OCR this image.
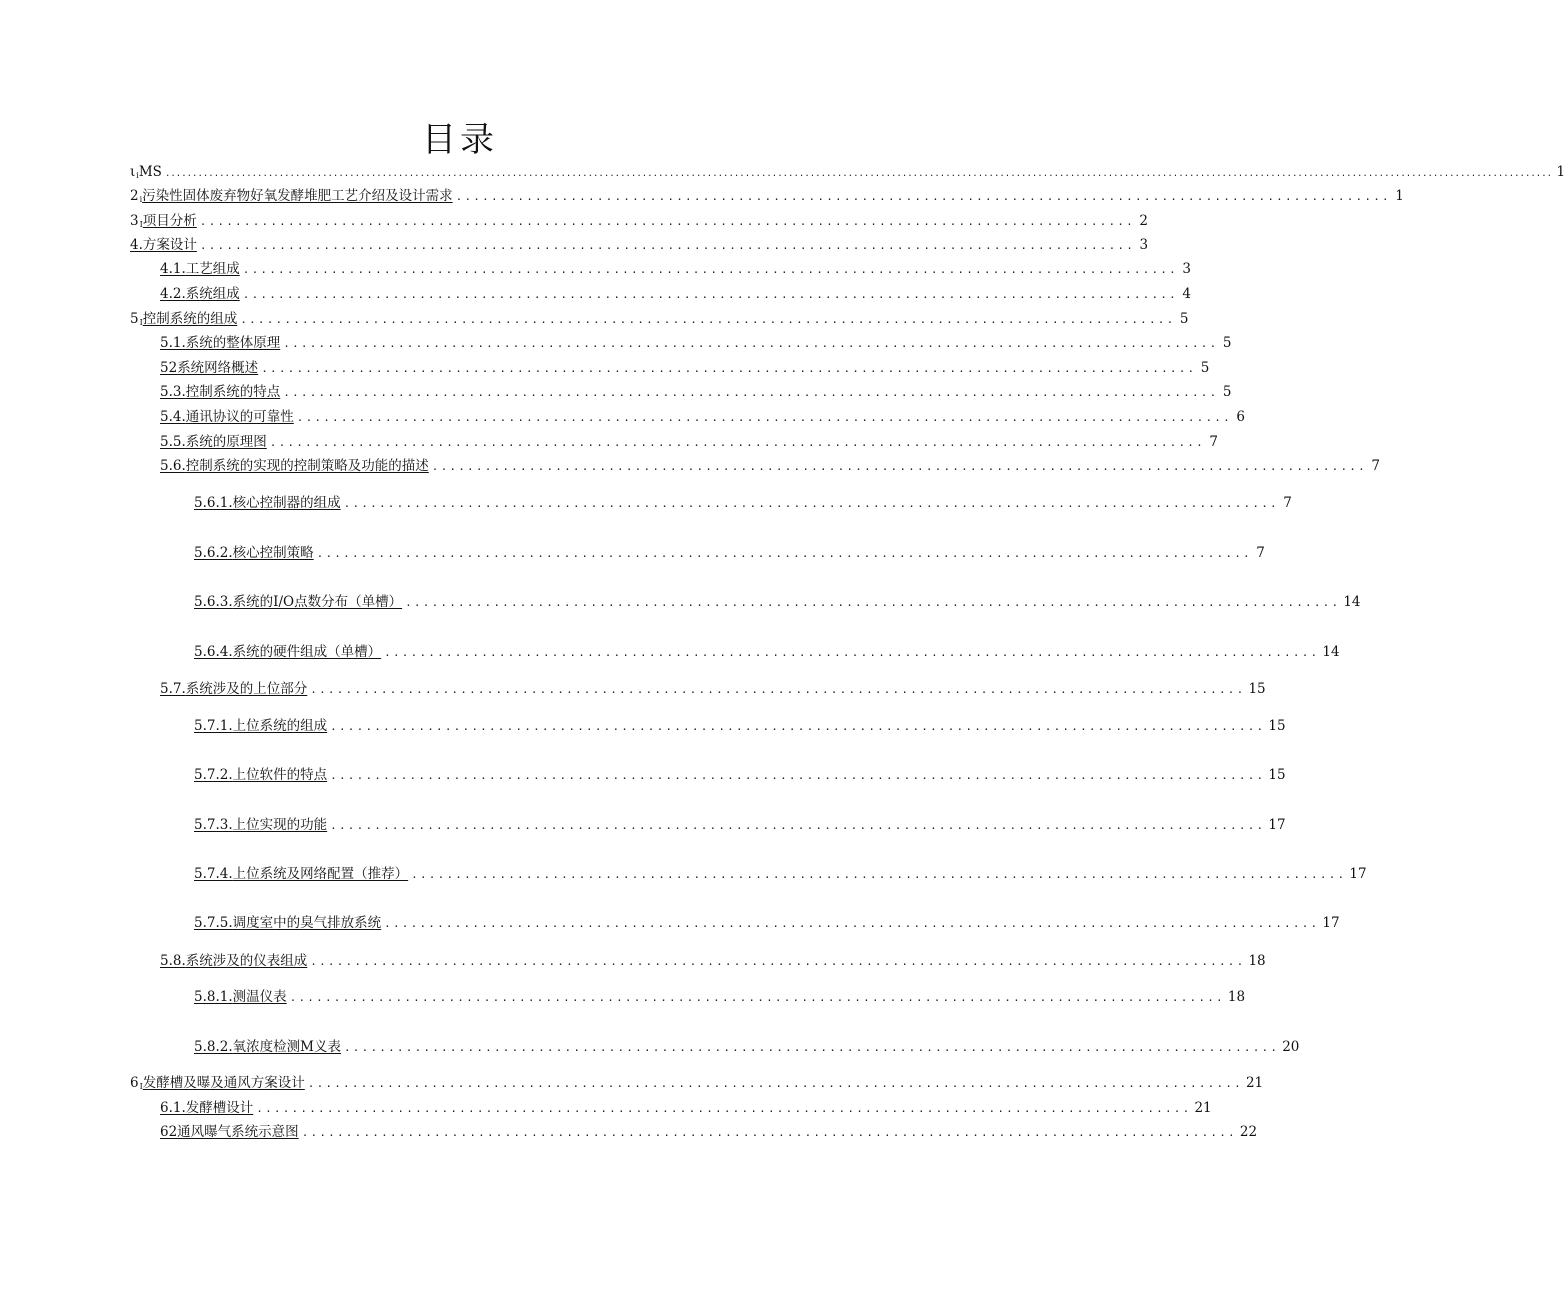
目录
$\iota_i$ MS ................................................................................................................................................................................................................................................................ 1
$2_i$ 污染性固体废弃物好氧发酵堆肥工艺介绍及设计需求 .......................................................................................................... 1
$3_I$ 项目分析 .......................................................................................................... 2
4. 方案设计 .......................................................................................................... 3
4.1. 工艺组成 .......................................................................................................... 3
4.2. 系统组成 .......................................................................................................... 4
$5_I$ 控制系统的组成 .......................................................................................................... 5
5.1. 系统的整体原理 .......................................................................................................... 5
52 系统网络概述 .......................................................................................................... 5
5.3. 控制系统的特点 .......................................................................................................... 5
5.4. 通讯协议的可靠性 .......................................................................................................... 6
5.5. 系统的原理图 .......................................................................................................... 7
5.6. 控制系统的实现的控制策略及功能的描述 .......................................................................................................... 7
5.6.1. 核心控制器的组成 .......................................................................................................... 7
5.6.2. 核心控制策略 .......................................................................................................... 7
5.6.3. 系统的I/O点数分布（单槽） .......................................................................................................... 14
5.6.4. 系统的硬件组成（单槽） .......................................................................................................... 14
5.7. 系统涉及的上位部分 .......................................................................................................... 15
5.7.1. 上位系统的组成 .......................................................................................................... 15
5.7.2. 上位软件的特点 .......................................................................................................... 15
5.7.3. 上位实现的功能 .......................................................................................................... 17
5.7.4. 上位系统及网络配置（推荐） .......................................................................................................... 17
5.7.5. 调度室中的臭气排放系统 .......................................................................................................... 17
5.8. 系统涉及的仪表组成 .......................................................................................................... 18
5.8.1. 测温仪表 .......................................................................................................... 18
5.8.2. 氧浓度检测M义表 .......................................................................................................... 20
$6_I$ 发酵槽及曝及通风方案设计 .......................................................................................................... 21
6.1.发酵槽设计 .......................................................................................................... 21
62通风曝气系统示意图 .......................................................................................................... 22
